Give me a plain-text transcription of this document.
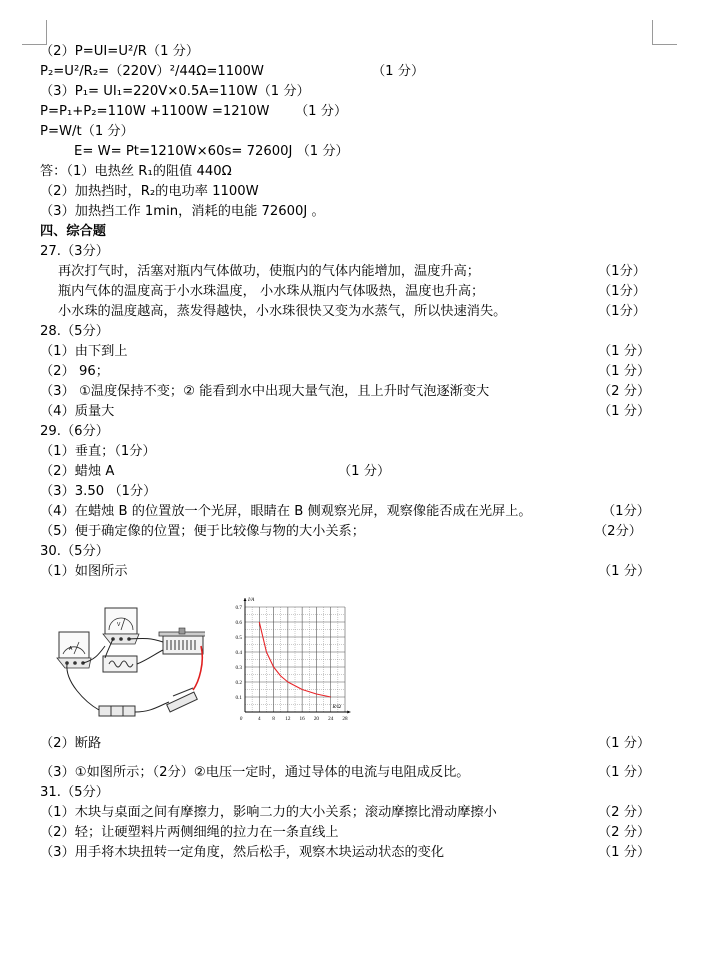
（2）P=UI=U²/R（1 分）
P₂=U²/R₂=（220V）²/44Ω=1100W	（1 分）
（3）P₁= UI₁=220V×0.5A=110W（1 分）
P=P₁+P₂=110W +1100W =1210W （1 分）
P=W/t（1 分）
E= W= Pt=1210W×60s= 72600J （1 分）
答：（1）电热丝 R₁的阻值 440Ω
（2）加热挡时，R₂的电功率 1100W
（3）加热挡工作 1min，消耗的电能 72600J 。
四、综合题
27.（3分）
再次打气时，活塞对瓶内气体做功，使瓶内的气体内能增加，温度升高；	（1分）
瓶内气体的温度高于小水珠温度， 小水珠从瓶内气体吸热，温度也升高；	（1分）
小水珠的温度越高，蒸发得越快，小水珠很快又变为水蒸气，所以快速消失。	（1分）
28.（5分）
（1）由下到上	（1 分）
（2） 96；	（1 分）
（3） ①温度保持不变；② 能看到水中出现大量气泡，且上升时气泡逐渐变大	（2 分）
（4）质量大	（1 分）
29.（6分）
（1）垂直；（1分）
（2）蜡烛 A	（1 分）
（3）3.50 （1分）
（4）在蜡烛 B 的位置放一个光屏，眼睛在 B 侧观察光屏，观察像能否成在光屏上。	（1分）
（5）便于确定像的位置；便于比较像与物的大小关系；	（2分）
30.（5分）
（1）如图所示	（1 分）
A
V
4 8 12 16 20 24 28
0.1
0.2
0.3
0.4
0.5
0.6
0.7
0
I/A
R/Ω
（2）断路	（1 分）
（3）①如图所示；（2分）②电压一定时，通过导体的电流与电阻成反比。	（1 分）
31.（5分）
（1）木块与桌面之间有摩擦力，影响二力的大小关系；滚动摩擦比滑动摩擦小	（2 分）
（2）轻；让硬塑料片两侧细绳的拉力在一条直线上	（2 分）
（3）用手将木块扭转一定角度，然后松手，观察木块运动状态的变化	（1 分）
